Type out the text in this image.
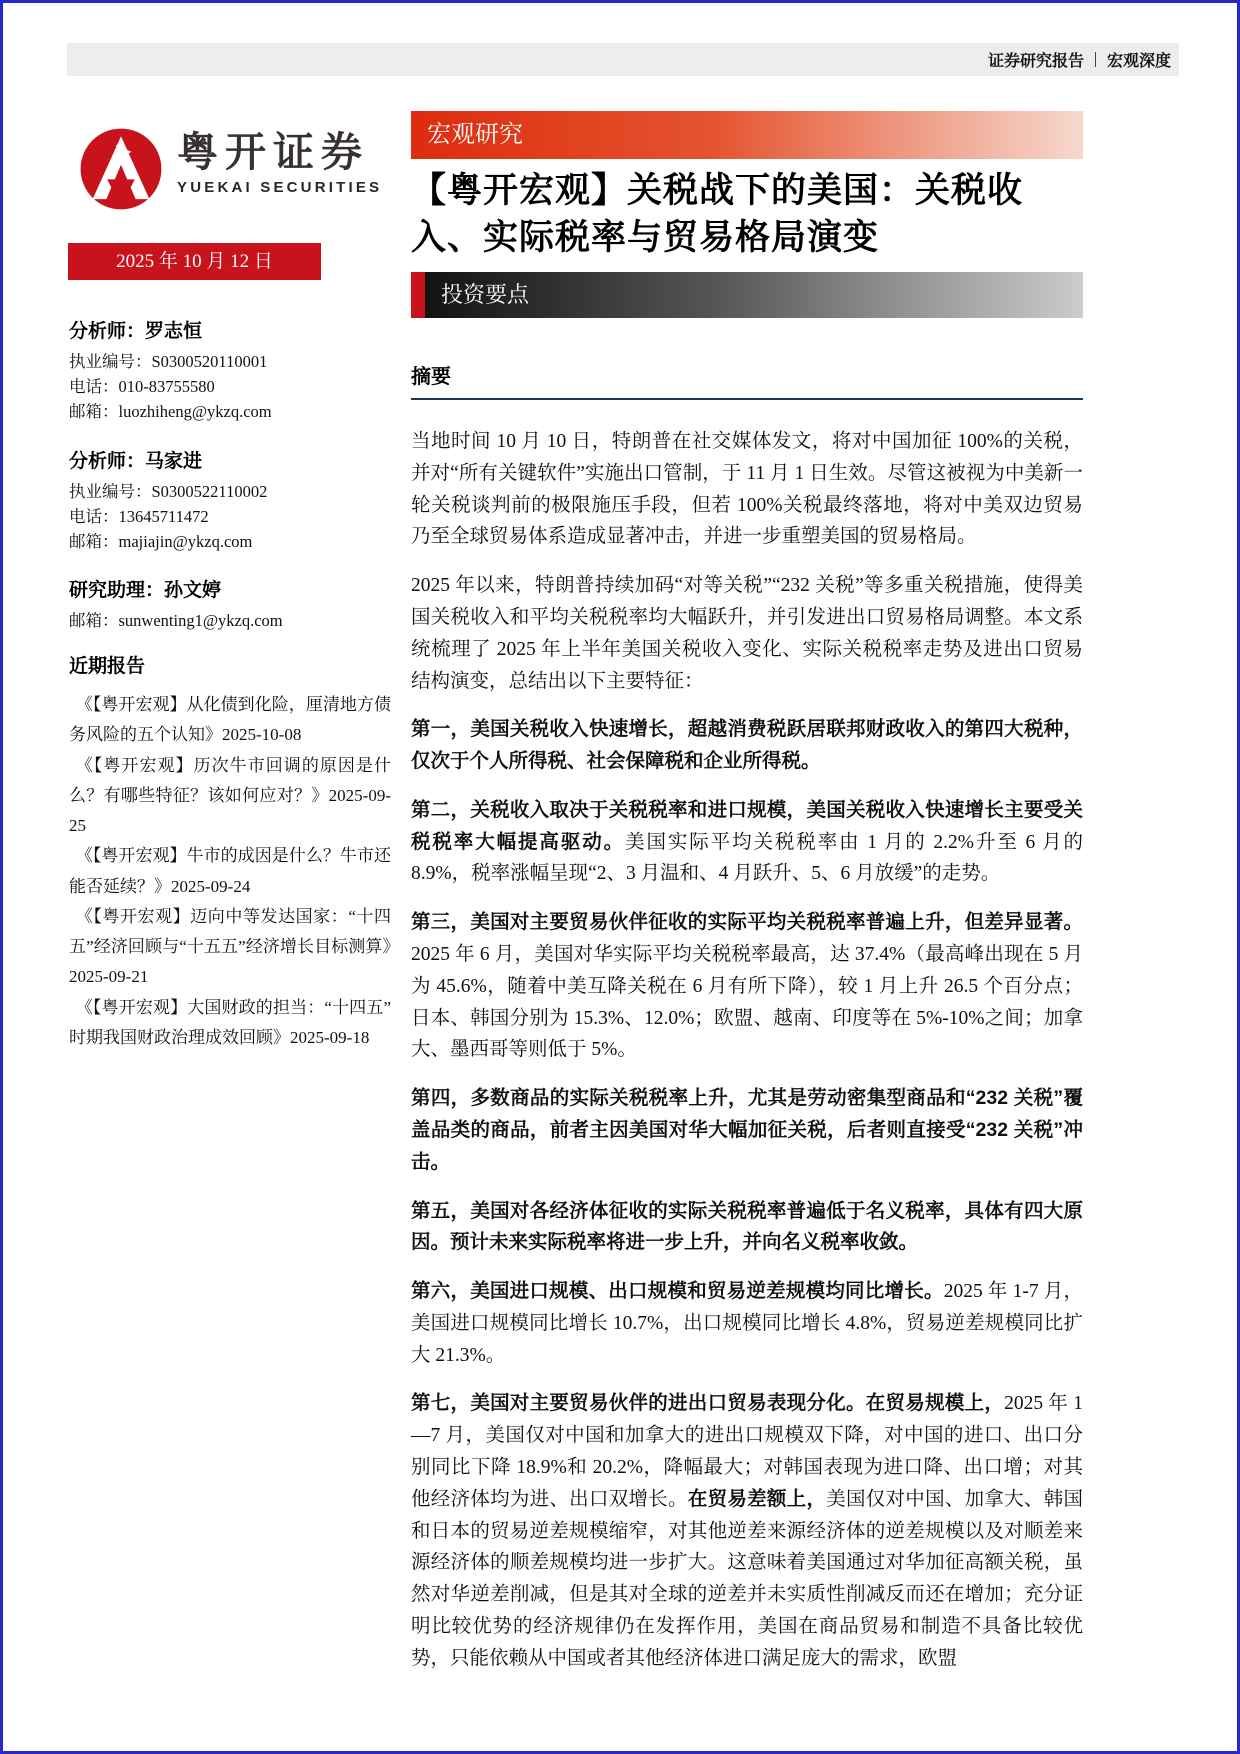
证券研究报告 宏观深度
粤开证券
YUEKAI SECURITIES
2025 年 10 月 12 日
分析师：罗志恒
执业编号：S0300520110001
电话：010-83755580
邮箱：luozhiheng@ykzq.com
分析师：马家进
执业编号：S0300522110002
电话：13645711472
邮箱：majiajin@ykzq.com
研究助理：孙文婷
邮箱：sunwenting1@ykzq.com
近期报告
《【粤开宏观】从化债到化险，厘清地方债务风险的五个认知》2025-10-08
《【粤开宏观】历次牛市回调的原因是什么？有哪些特征？该如何应对？》2025-09-25
《【粤开宏观】牛市的成因是什么？牛市还能否延续？》2025-09-24
《【粤开宏观】迈向中等发达国家：“十四五”经济回顾与“十五五”经济增长目标测算》2025-09-21
《【粤开宏观】大国财政的担当：“十四五”时期我国财政治理成效回顾》2025-09-18
宏观研究
【粤开宏观】关税战下的美国：关税收入、实际税率与贸易格局演变
投资要点
摘要

当地时间 10 月 10 日，特朗普在社交媒体发文，将对中国加征 100%的关税，并对“所有关键软件”实施出口管制，于 11 月 1 日生效。尽管这被视为中美新一轮关税谈判前的极限施压手段，但若 100%关税最终落地，将对中美双边贸易乃至全球贸易体系造成显著冲击，并进一步重塑美国的贸易格局。

2025 年以来，特朗普持续加码“对等关税”“232 关税”等多重关税措施，使得美国关税收入和平均关税税率均大幅跃升，并引发进出口贸易格局调整。本文系统梳理了 2025 年上半年美国关税收入变化、实际关税税率走势及进出口贸易结构演变，总结出以下主要特征：

第一，美国关税收入快速增长，超越消费税跃居联邦财政收入的第四大税种，仅次于个人所得税、社会保障税和企业所得税。

第二，关税收入取决于关税税率和进口规模，美国关税收入快速增长主要受关税税率大幅提高驱动。美国实际平均关税税率由 1 月的 2.2%升至 6 月的 8.9%，税率涨幅呈现“2、3 月温和、4 月跃升、5、6 月放缓”的走势。

第三，美国对主要贸易伙伴征收的实际平均关税税率普遍上升，但差异显著。2025 年 6 月，美国对华实际平均关税税率最高，达 37.4%（最高峰出现在 5 月为 45.6%，随着中美互降关税在 6 月有所下降），较 1 月上升 26.5 个百分点；日本、韩国分别为 15.3%、12.0%；欧盟、越南、印度等在 5%-10%之间；加拿大、墨西哥等则低于 5%。

第四，多数商品的实际关税税率上升，尤其是劳动密集型商品和“232 关税”覆盖品类的商品，前者主因美国对华大幅加征关税，后者则直接受“232 关税”冲击。

第五，美国对各经济体征收的实际关税税率普遍低于名义税率，具体有四大原因。预计未来实际税率将进一步上升，并向名义税率收敛。

第六，美国进口规模、出口规模和贸易逆差规模均同比增长。2025 年 1-7 月，美国进口规模同比增长 10.7%，出口规模同比增长 4.8%，贸易逆差规模同比扩大 21.3%。

第七，美国对主要贸易伙伴的进出口贸易表现分化。在贸易规模上，2025 年 1—7 月，美国仅对中国和加拿大的进出口规模双下降，对中国的进口、出口分别同比下降 18.9%和 20.2%，降幅最大；对韩国表现为进口降、出口增；对其他经济体均为进、出口双增长。在贸易差额上，美国仅对中国、加拿大、韩国和日本的贸易逆差规模缩窄，对其他逆差来源经济体的逆差规模以及对顺差来源经济体的顺差规模均进一步扩大。这意味着美国通过对华加征高额关税，虽然对华逆差削减，但是其对全球的逆差并未实质性削减反而还在增加；充分证明比较优势的经济规律仍在发挥作用，美国在商品贸易和制造不具备比较优势，只能依赖从中国或者其他经济体进口满足庞大的需求，欧盟
